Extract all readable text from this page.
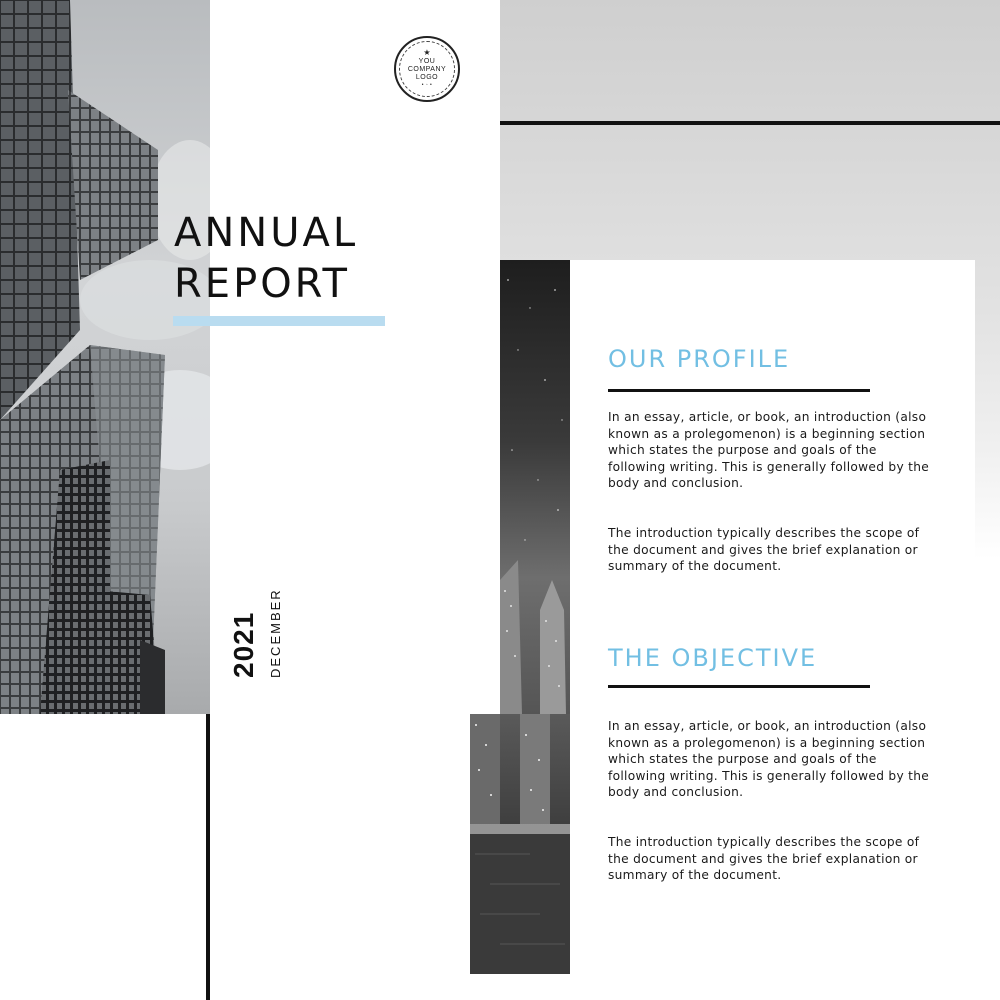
★
YOU
COMPANY
LOGO
• ◦ •
ANNUAL
REPORT
2021 DECEMBER
OUR PROFILE

In an essay, article, or book, an introduction (also known as a prolegomenon) is a beginning section which states the purpose and goals of the following writing. This is generally followed by the body and conclusion.

The introduction typically describes the scope of the document and gives the brief explanation or summary of the document.

THE OBJECTIVE

In an essay, article, or book, an introduction (also known as a prolegomenon) is a beginning section which states the purpose and goals of the following writing. This is generally followed by the body and conclusion.

The introduction typically describes the scope of the document and gives the brief explanation or summary of the document.
